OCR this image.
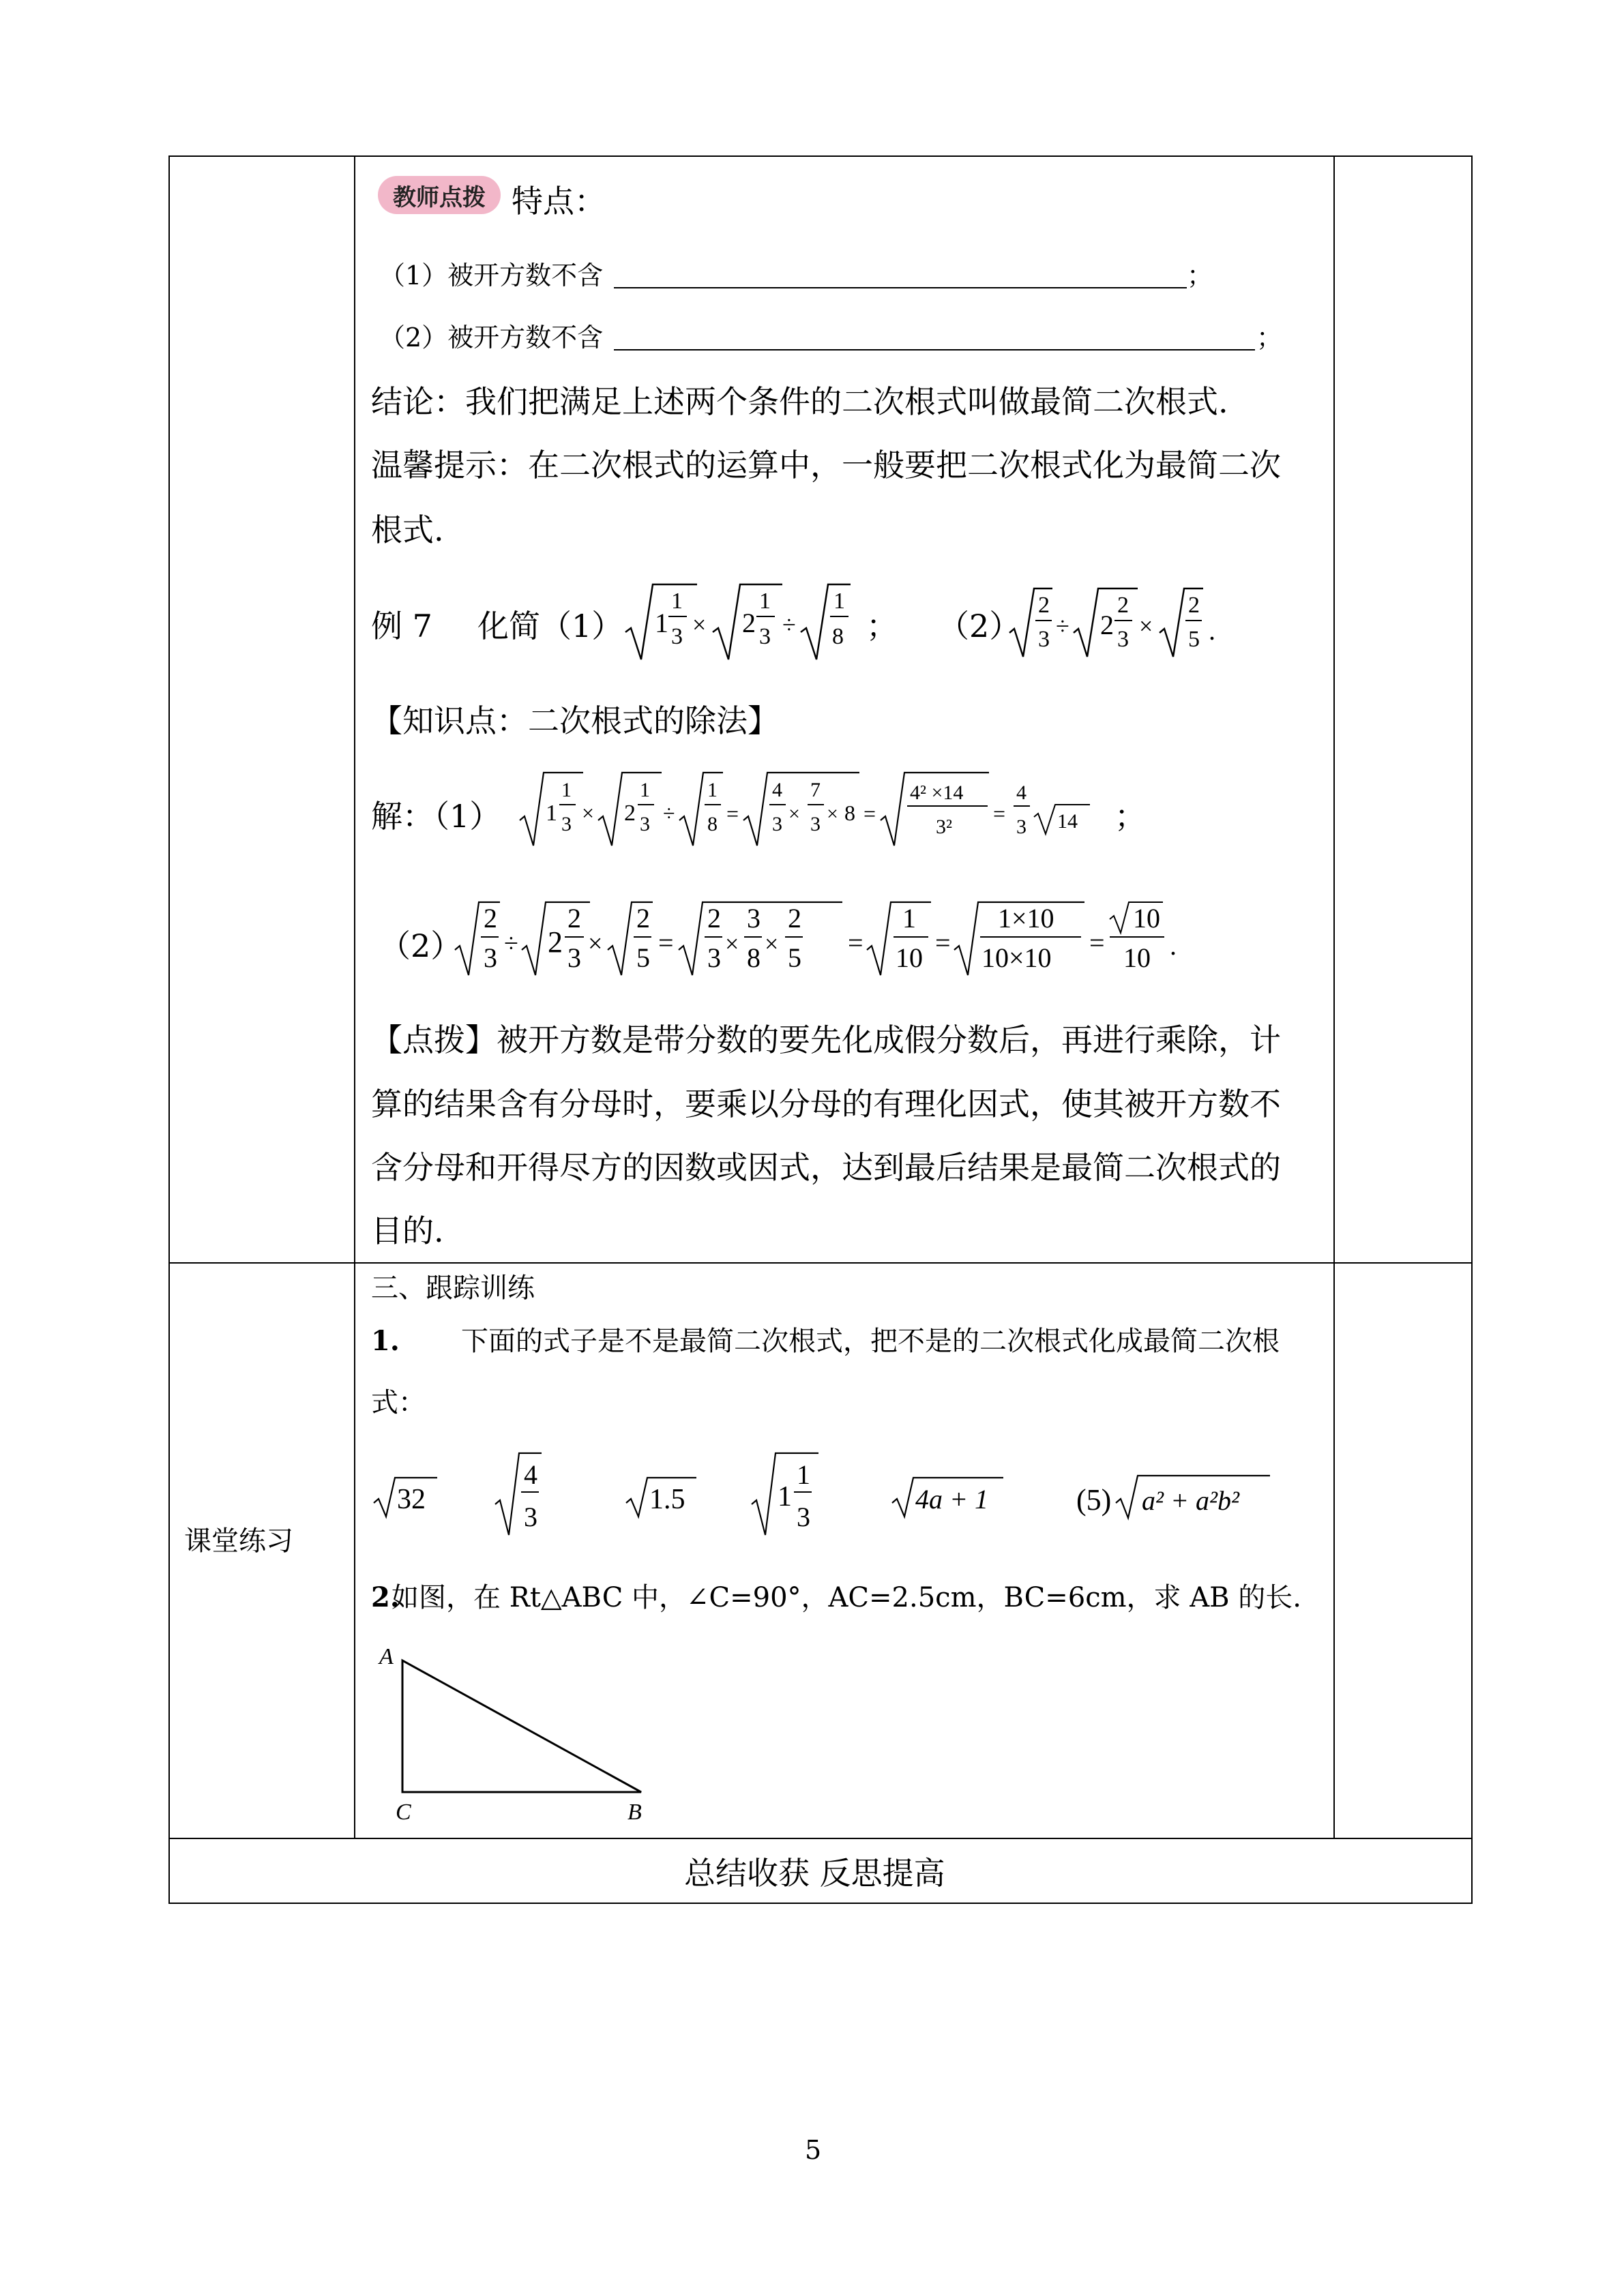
教师点拨 特点：
（1）被开方数不含	；
（2）被开方数不含	；
结论：我们把满足上述两个条件的二次根式叫做最简二次根式.
温馨提示：在二次根式的运算中，一般要把二次根式化为最简二次
根式.
例 7 化简（1） 1
1
3 × 2
1
3 ÷
1
8 ； （2）
2
3 ÷ 2
2
3 ×
2
5 .
【知识点：二次根式的除法】
解：（1） 1
1
3 × 2
1
3 ÷
1
8 =
4
3 ×
7
3 × 8 =
4² ×14
3²
=
4
3 14 ；
（2）
2
3 ÷ 2
2
3 ×
2
5 =
2
3 ×
3
8 ×
2
5 =
1
10 =
1×10
10×10 =
10
10 .
【点拨】被开方数是带分数的要先化成假分数后，再进行乘除，计
算的结果含有分母时，要乘以分母的有理化因式，使其被开方数不
含分母和开得尽方的因数或因式，达到最后结果是最简二次根式的
目的.
课堂练习
三、跟踪训练
1. 下面的式子是不是最简二次根式，把不是的二次根式化成最简二次根
式：
32
4
3
1.5	1
1
3
4a + 1	(5) a² + a²b²
2.
如图，在 Rt△ABC 中，∠C=90°，AC=2.5cm，BC=6cm，求 AB 的长.
A
C	B
总结收获 反思提高
5
